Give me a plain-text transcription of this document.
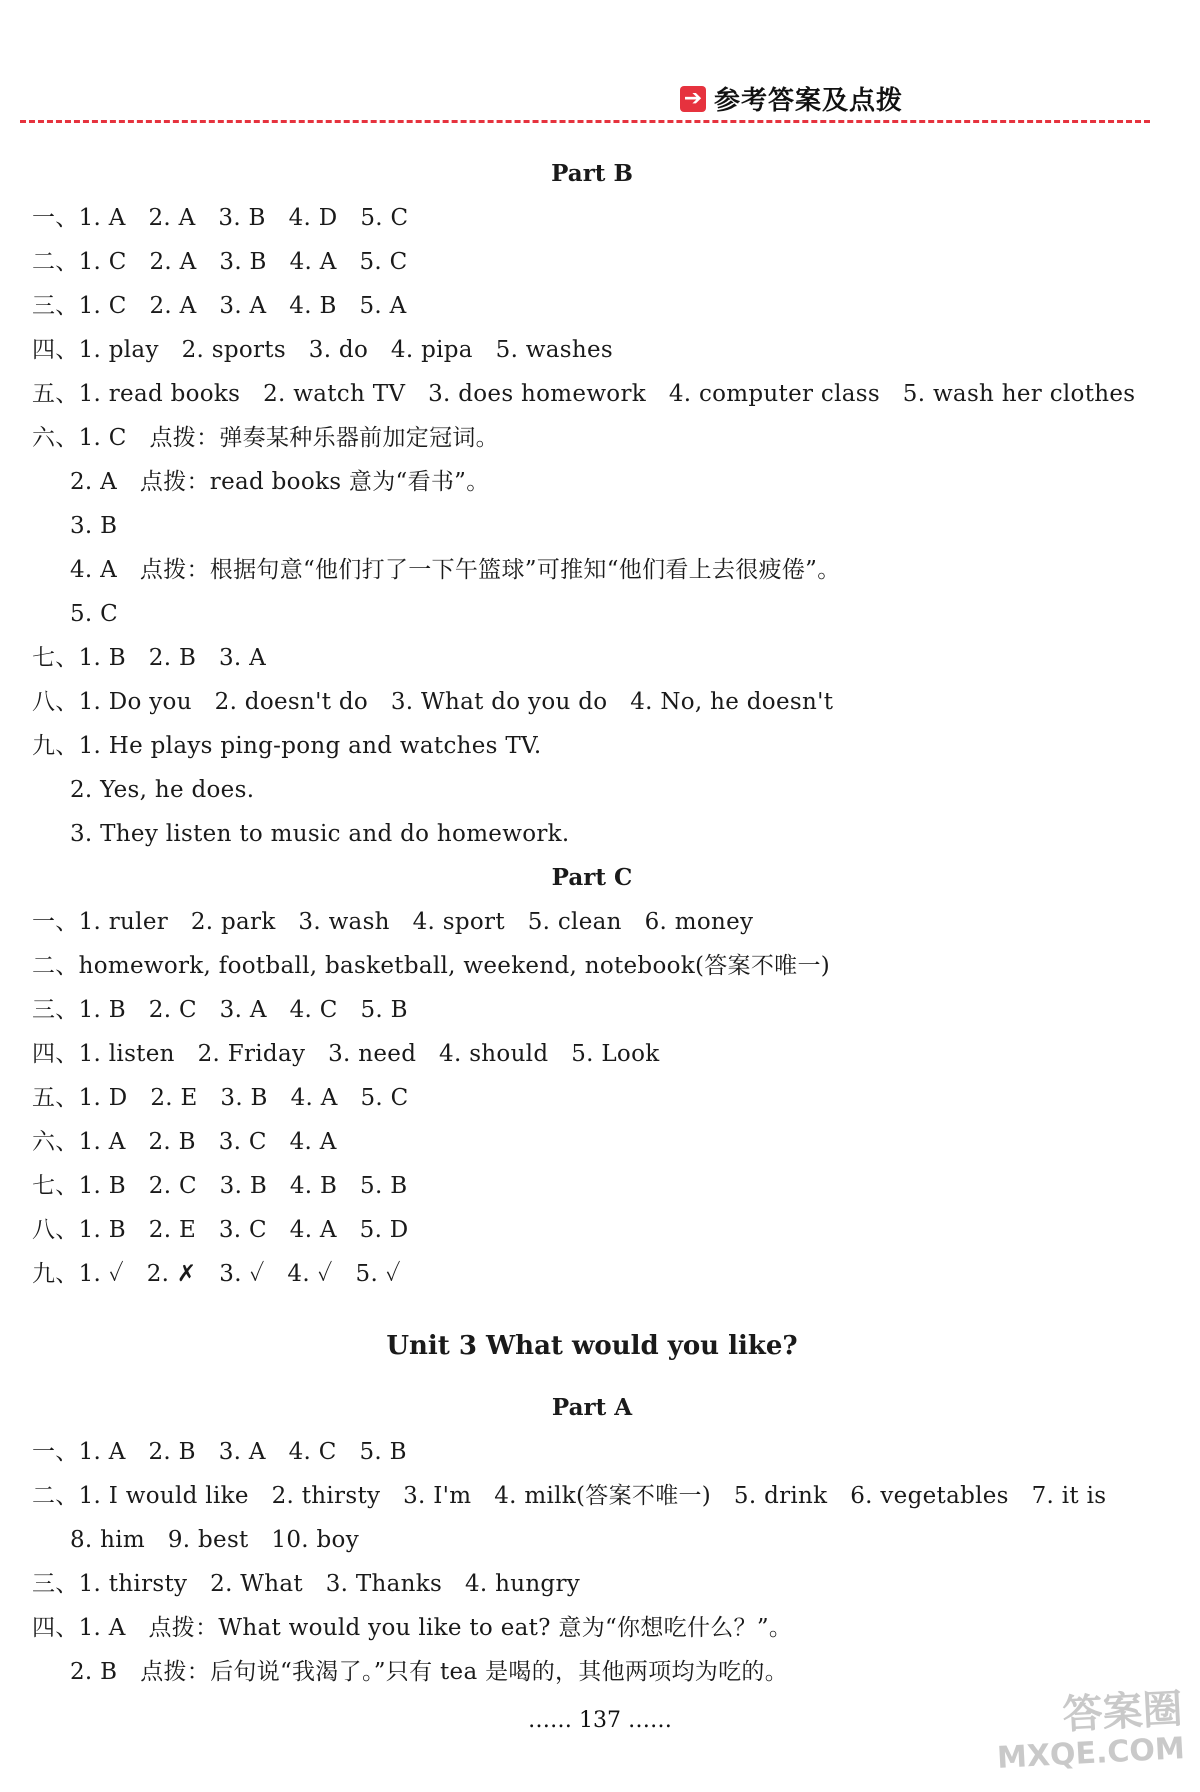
➔ 参考答案及点拨
Part B
一、1. A   2. A   3. B   4. D   5. C
二、1. C   2. A   3. B   4. A   5. C
三、1. C   2. A   3. A   4. B   5. A
四、1. play   2. sports   3. do   4. pipa   5. washes
五、1. read books   2. watch TV   3. does homework   4. computer class   5. wash her clothes
六、1. C   点拨：弹奏某种乐器前加定冠词。
2. A   点拨：read books 意为“看书”。
3. B
4. A   点拨：根据句意“他们打了一下午篮球”可推知“他们看上去很疲倦”。
5. C
七、1. B   2. B   3. A
八、1. Do you   2. doesn't do   3. What do you do   4. No, he doesn't
九、1. He plays ping-pong and watches TV.
2. Yes, he does.
3. They listen to music and do homework.
Part C
一、1. ruler   2. park   3. wash   4. sport   5. clean   6. money
二、homework, football, basketball, weekend, notebook(答案不唯一)
三、1. B   2. C   3. A   4. C   5. B
四、1. listen   2. Friday   3. need   4. should   5. Look
五、1. D   2. E   3. B   4. A   5. C
六、1. A   2. B   3. C   4. A
七、1. B   2. C   3. B   4. B   5. B
八、1. B   2. E   3. C   4. A   5. D
九、1. ✓   2. ✗   3. ✓   4. ✓   5. ✓
Unit 3 What would you like?
Part A
一、1. A   2. B   3. A   4. C   5. B
二、1. I would like   2. thirsty   3. I'm   4. milk(答案不唯一)   5. drink   6. vegetables   7. it is
8. him   9. best   10. boy
三、1. thirsty   2. What   3. Thanks   4. hungry
四、1. A   点拨：What would you like to eat? 意为“你想吃什么？”。
2. B   点拨：后句说“我渴了。”只有 tea 是喝的，其他两项均为吃的。
…… 137 ……	答案圈
MXQE.COM
